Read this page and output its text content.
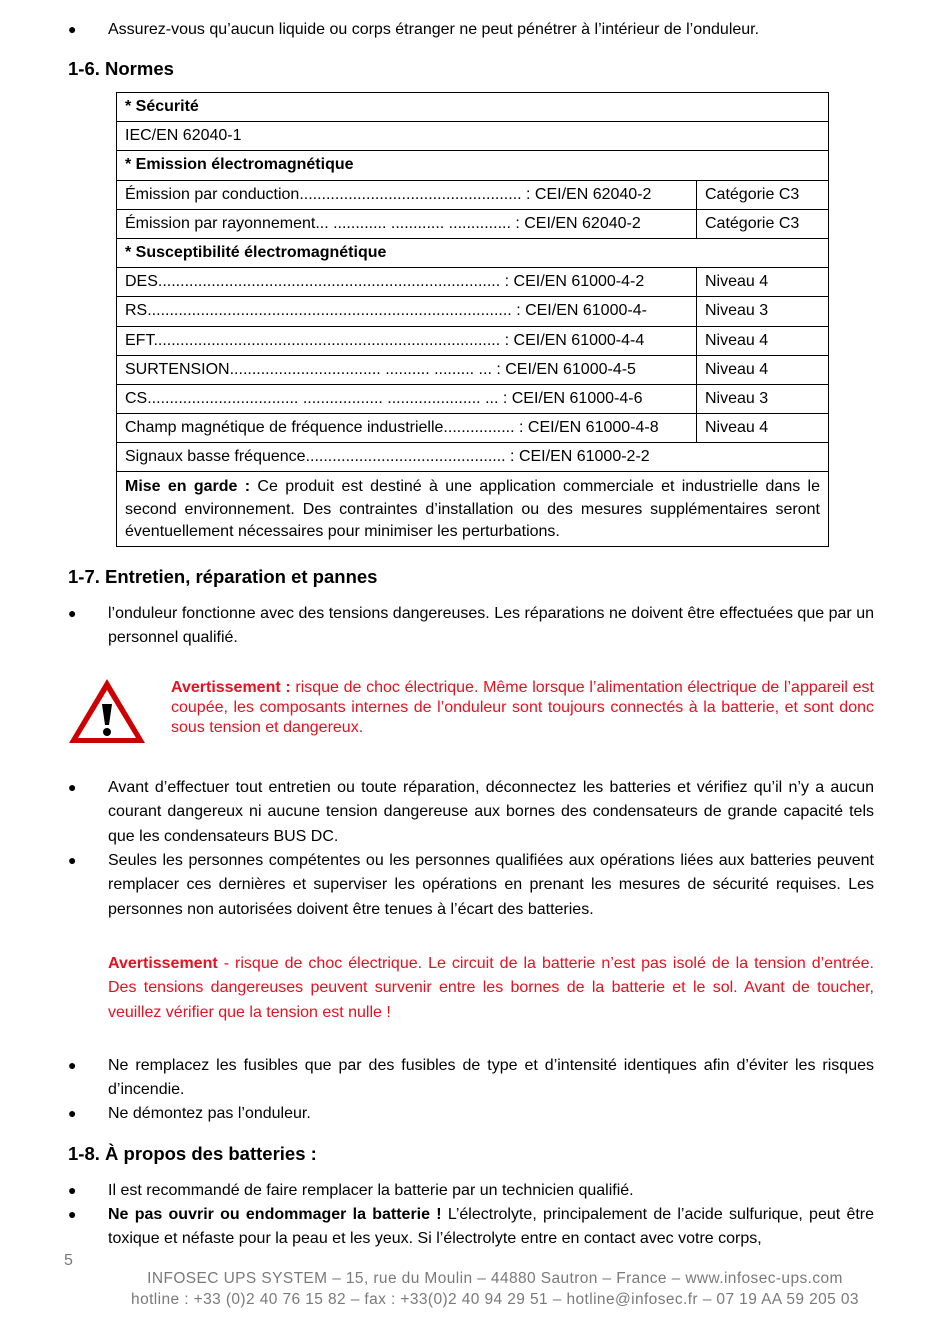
● Assurez-vous qu’aucun liquide ou corps étranger ne peut pénétrer à l’intérieur de l’onduleur.
1-6. Normes
* Sécurité	
IEC/EN 62040-1	
* Emission électromagnétique	
Émission par conduction.................................................. : CEI/EN 62040-2	Catégorie C3
Émission par rayonnement... ............ ............ .............. : CEI/EN 62040-2	Catégorie C3
* Susceptibilité électromagnétique	
DES............................................................................. : CEI/EN 61000-4-2	Niveau 4
RS.................................................................................. : CEI/EN 61000-4-	Niveau 3
EFT.............................................................................. : CEI/EN 61000-4-4	Niveau 4
SURTENSION.................................. .......... ......... ... : CEI/EN 61000-4-5	Niveau 4
CS.................................. .................. ..................... ... : CEI/EN 61000-4-6	Niveau 3
Champ magnétique de fréquence industrielle................ : CEI/EN 61000-4-8	Niveau 4
Signaux basse fréquence............................................. : CEI/EN 61000-2-2	
Mise en garde : Ce produit est destiné à une application commerciale et industrielle dans le second environnement. Des contraintes d’installation ou des mesures supplémentaires seront éventuellement nécessaires pour minimiser les perturbations.	
1-7. Entretien, réparation et pannes
● l’onduleur fonctionne avec des tensions dangereuses. Les réparations ne doivent être effectuées que par un personnel qualifié.
Avertissement : risque de choc électrique. Même lorsque l’alimentation électrique de l’appareil est coupée, les composants internes de l’onduleur sont toujours connectés à la batterie, et sont donc sous tension et dangereux.
● Avant d’effectuer tout entretien ou toute réparation, déconnectez les batteries et vérifiez qu’il n’y a aucun courant dangereux ni aucune tension dangereuse aux bornes des condensateurs de grande capacité tels que les condensateurs BUS DC.
● Seules les personnes compétentes ou les personnes qualifiées aux opérations liées aux batteries peuvent remplacer ces dernières et superviser les opérations en prenant les mesures de sécurité requises. Les personnes non autorisées doivent être tenues à l’écart des batteries.
Avertissement - risque de choc électrique. Le circuit de la batterie n’est pas isolé de la tension d’entrée. Des tensions dangereuses peuvent survenir entre les bornes de la batterie et le sol. Avant de toucher, veuillez vérifier que la tension est nulle !
● Ne remplacez les fusibles que par des fusibles de type et d’intensité identiques afin d’éviter les risques d’incendie.
● Ne démontez pas l’onduleur.
1-8. À propos des batteries :
● Il est recommandé de faire remplacer la batterie par un technicien qualifié.
● Ne pas ouvrir ou endommager la batterie ! L’électrolyte, principalement de l’acide sulfurique, peut être toxique et néfaste pour la peau et les yeux. Si l’électrolyte entre en contact avec votre corps,
5
INFOSEC UPS SYSTEM – 15, rue du Moulin – 44880 Sautron – France – www.infosec-ups.com
hotline : +33 (0)2 40 76 15 82 – fax : +33(0)2 40 94 29 51 – hotline@infosec.fr – 07 19 AA 59 205 03
